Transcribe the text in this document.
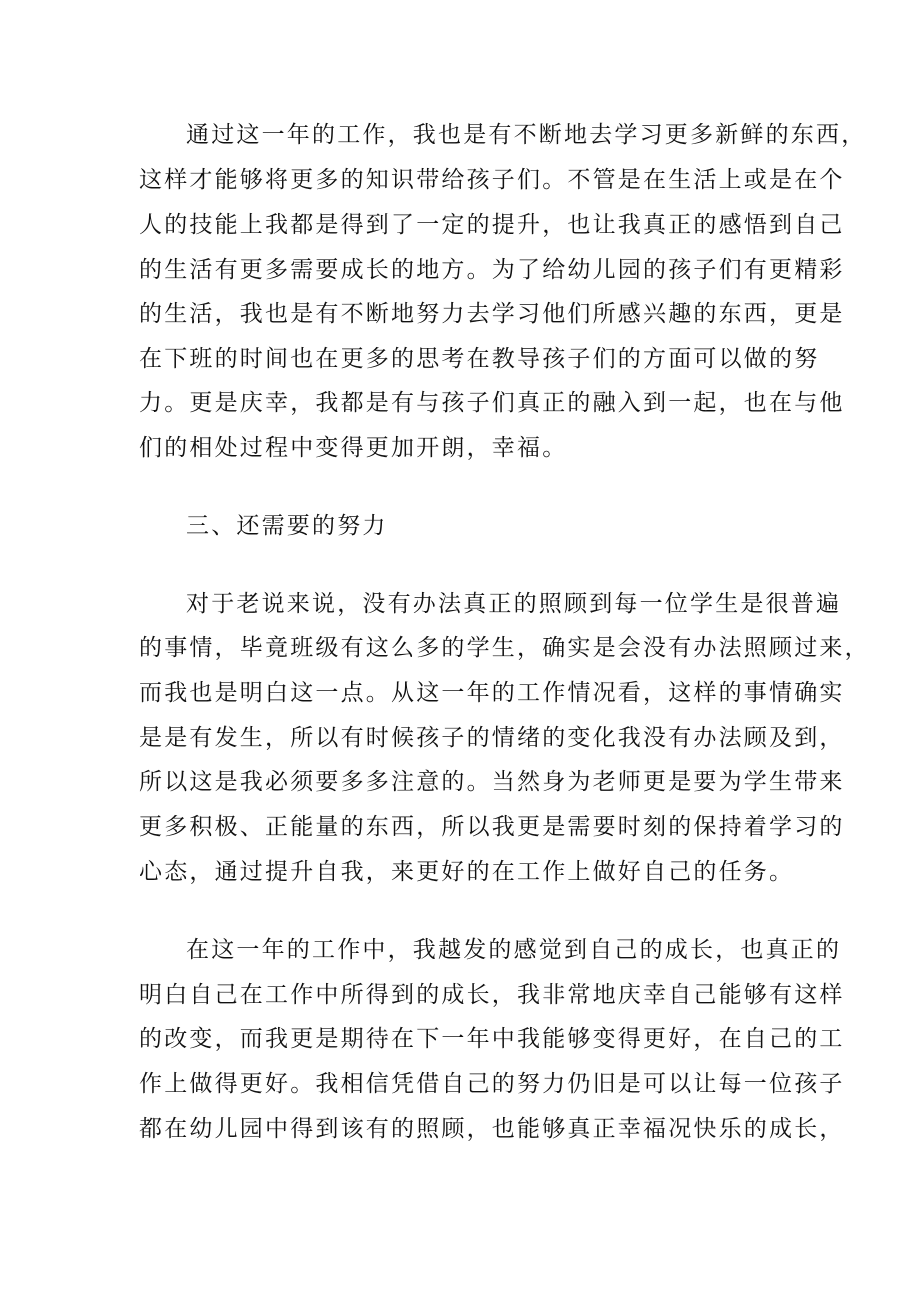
通过这一年的工作，我也是有不断地去学习更多新鲜的东西，
这样才能够将更多的知识带给孩子们。不管是在生活上或是在个
人的技能上我都是得到了一定的提升，也让我真正的感悟到自己
的生活有更多需要成长的地方。为了给幼儿园的孩子们有更精彩
的生活，我也是有不断地努力去学习他们所感兴趣的东西，更是
在下班的时间也在更多的思考在教导孩子们的方面可以做的努
力。更是庆幸，我都是有与孩子们真正的融入到一起，也在与他
们的相处过程中变得更加开朗，幸福。
三、还需要的努力
对于老说来说，没有办法真正的照顾到每一位学生是很普遍
的事情，毕竟班级有这么多的学生，确实是会没有办法照顾过来，
而我也是明白这一点。从这一年的工作情况看，这样的事情确实
是是有发生，所以有时候孩子的情绪的变化我没有办法顾及到，
所以这是我必须要多多注意的。当然身为老师更是要为学生带来
更多积极、正能量的东西，所以我更是需要时刻的保持着学习的
心态，通过提升自我，来更好的在工作上做好自己的任务。
在这一年的工作中，我越发的感觉到自己的成长，也真正的
明白自己在工作中所得到的成长，我非常地庆幸自己能够有这样
的改变，而我更是期待在下一年中我能够变得更好，在自己的工
作上做得更好。我相信凭借自己的努力仍旧是可以让每一位孩子
都在幼儿园中得到该有的照顾，也能够真正幸福况快乐的成长，
